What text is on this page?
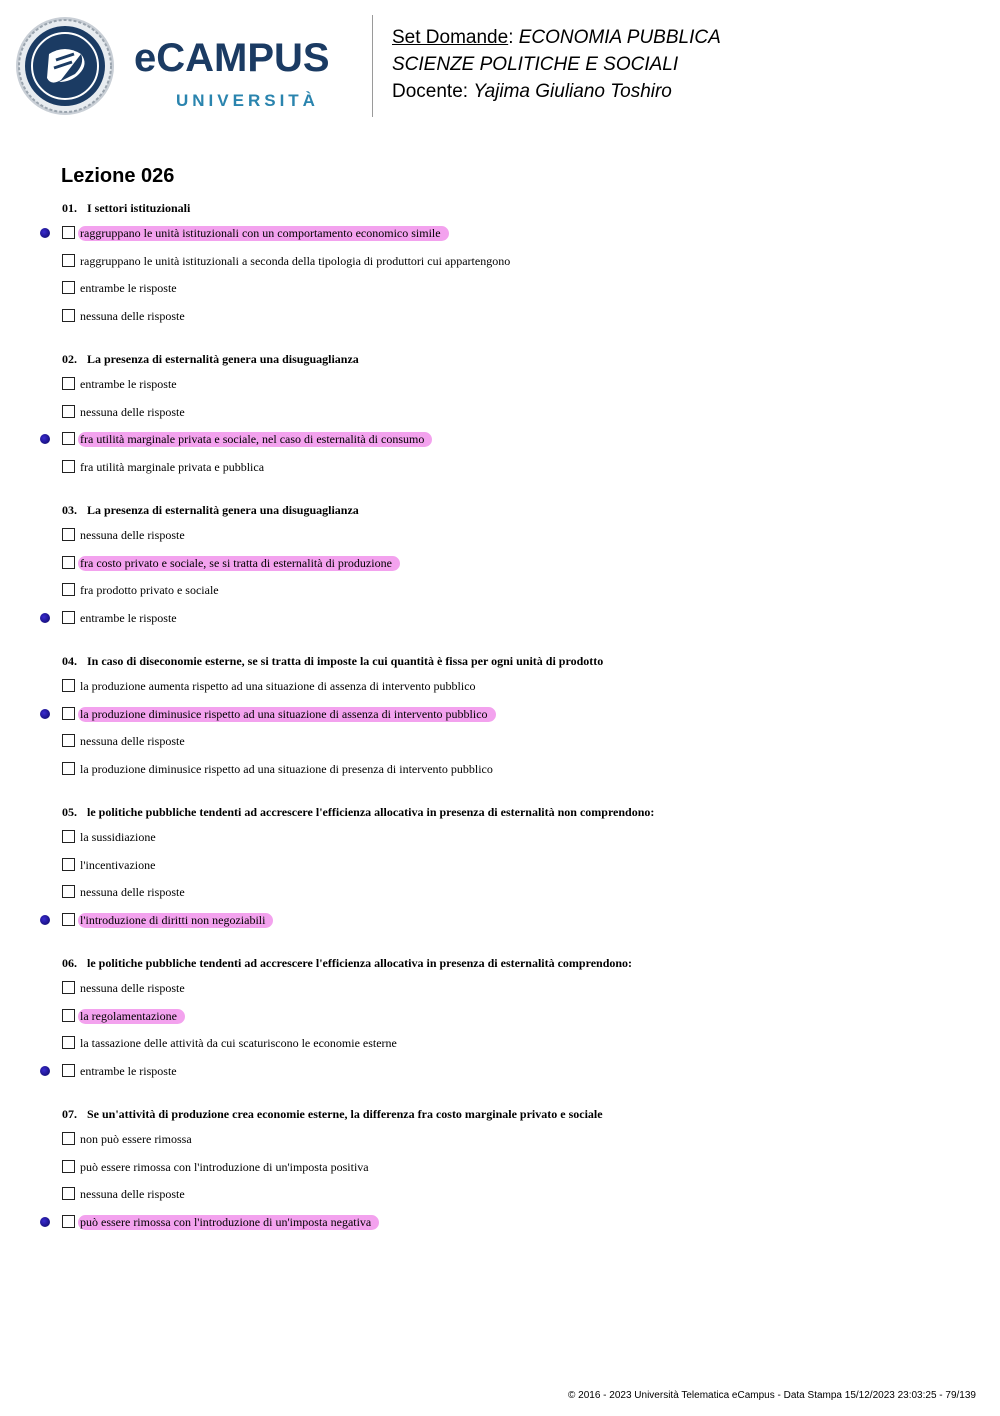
eCAMPUS
UNIVERSITÀ
Set Domande: ECONOMIA PUBBLICA
SCIENZE POLITICHE E SOCIALI
Docente: Yajima Giuliano Toshiro
Lezione 026
01. I settori istituzionali
raggruppano le unità istituzionali con un comportamento economico simile
raggruppano le unità istituzionali a seconda della tipologia di produttori cui appartengono
entrambe le risposte
nessuna delle risposte
02. La presenza di esternalità genera una disuguaglianza
entrambe le risposte
nessuna delle risposte
fra utilità marginale privata e sociale, nel caso di esternalità di consumo
fra utilità marginale privata e pubblica
03. La presenza di esternalità genera una disuguaglianza
nessuna delle risposte
fra costo privato e sociale, se si tratta di esternalità di produzione
fra prodotto privato e sociale
entrambe le risposte
04. In caso di diseconomie esterne, se si tratta di imposte la cui quantità è fissa per ogni unità di prodotto
la produzione aumenta rispetto ad una situazione di assenza di intervento pubblico
la produzione diminusice rispetto ad una situazione di assenza di intervento pubblico
nessuna delle risposte
la produzione diminusice rispetto ad una situazione di presenza di intervento pubblico
05. le politiche pubbliche tendenti ad accrescere l'efficienza allocativa in presenza di esternalità non comprendono:
la sussidiazione
l'incentivazione
nessuna delle risposte
l'introduzione di diritti non negoziabili
06. le politiche pubbliche tendenti ad accrescere l'efficienza allocativa in presenza di esternalità comprendono:
nessuna delle risposte
la regolamentazione
la tassazione delle attività da cui scaturiscono le economie esterne
entrambe le risposte
07. Se un'attività di produzione crea economie esterne, la differenza fra costo marginale privato e sociale
non può essere rimossa
può essere rimossa con l'introduzione di un'imposta positiva
nessuna delle risposte
può essere rimossa con l'introduzione di un'imposta negativa
© 2016 - 2023 Università Telematica eCampus - Data Stampa 15/12/2023 23:03:25 - 79/139
